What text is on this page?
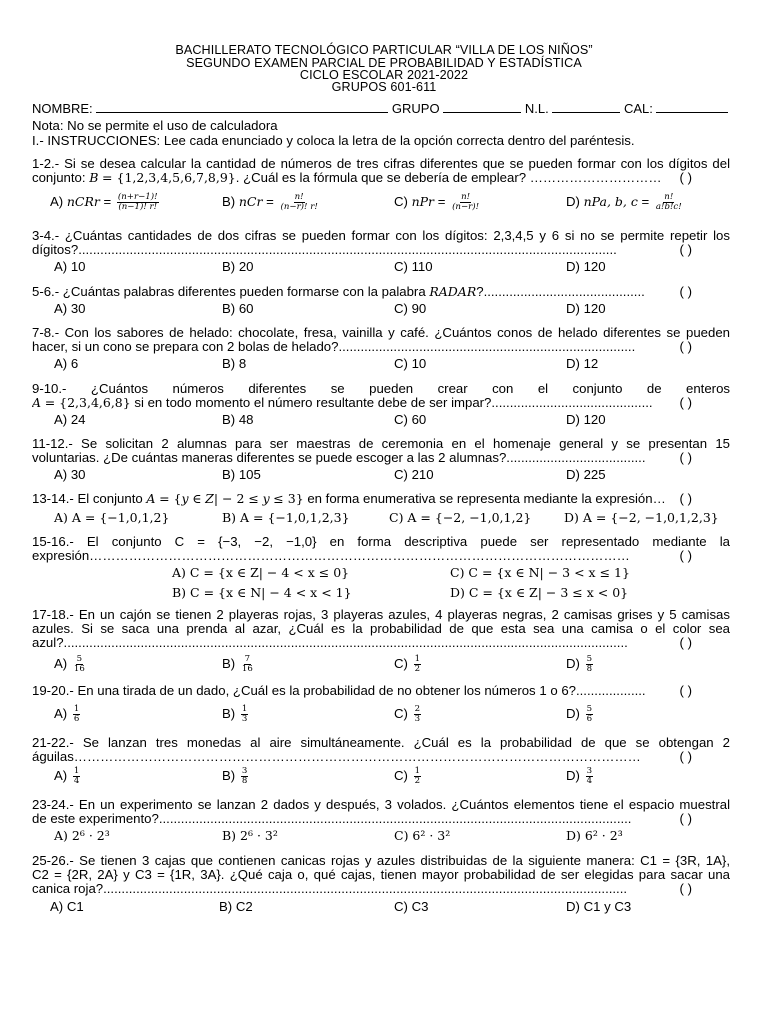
BACHILLERATO TECNOLÓGICO PARTICULAR “VILLA DE LOS NIÑOS”
SEGUNDO EXAMEN PARCIAL DE PROBABILIDAD Y ESTADÍSTICA
CICLO ESCOLAR 2021-2022
GRUPOS 601-611
NOMBRE:	GRUPO	N.L.	CAL:
Nota: No se permite el uso de calculadora
I.- INSTRUCCIONES: Lee cada enunciado y coloca la letra de la opción correcta dentro del paréntesis.
1-2.- Si se desea calcular la cantidad de números de tres cifras diferentes que se pueden formar con los dígitos del
conjunto: B = {1,2,3,4,5,6,7,8,9}. ¿Cuál es la fórmula que se debería de emplear? ………………………… ( )
A) nCRr = $\frac{(n+r-1)!}{(n-1)! r!}$	B) nCr = $\frac{n!}{(n-r)! r!}$	C) nPr = $\frac{n!}{(n-r)!}$	D) nPa, b, $c = \frac{n!}{a!b!c!}$
3-4.- ¿Cuántas cantidades de dos cifras se pueden formar con los dígitos: 2,3,4,5 y 6 si no se permite repetir los
dígitos?...................................................................................................................................................	( )
A) 10	B) 20	C) 110	D) 120
5-6.- ¿Cuántas palabras diferentes pueden formarse con la palabra RADAR?............................................	( )
A) 30	B) 60	C) 90	D) 120
7-8.- Con los sabores de helado: chocolate, fresa, vainilla y café. ¿Cuántos conos de helado diferentes se pueden
hacer, si un cono se prepara con 2 bolas de helado?.................................................................................	( )
A) 6	B) 8	C) 10	D) 12
9-10.- ¿Cuántos números diferentes se pueden crear con el conjunto de enteros
A = {2,3,4,6,8} si en todo momento el número resultante debe de ser impar?............................................ ( )
A) 24	B) 48	C) 60	D) 120
11-12.- Se solicitan 2 alumnas para ser maestras de ceremonia en el homenaje general y se presentan 15
voluntarias. ¿De cuántas maneras diferentes se puede escoger a las 2 alumnas?......................................	( )
A) 30	B) 105	C) 210	D) 225
13-14.- El conjunto A = {y ∈ Z| − 2 ≤ y ≤ 3} en forma enumerativa se representa mediante la expresión… ( )
A) A = {−1,0,1,2}	B) A = {−1,0,1,2,3}	C) A = {−2, −1,0,1,2}	D) A = {−2, −1,0,1,2,3}
15-16.- El conjunto C = {−3, −2, −1,0} en forma descriptiva puede ser representado mediante la
expresión……………………………………………………………………………………………………………	( )
A) C = {x ∈ Z| − 4 < x ≤ 0}	C) C = {x ∈ N| − 3 < x ≤ 1}
B) C = {x ∈ N| − 4 < x < 1}	D) C = {x ∈ Z| − 3 ≤ x < 0}
17-18.- En un cajón se tienen 2 playeras rojas, 3 playeras azules, 4 playeras negras, 2 camisas grises y 5 camisas
azules. Si se saca una prenda al azar, ¿Cuál es la probabilidad de que esta sea una camisa o el color sea
azul?..........................................................................................................................................................	( )
$A) \frac{5}{16}$	$B) \frac{7}{16}$	$C) \frac{1}{2}$	$D) \frac{5}{8}$
19-20.- En una tirada de un dado, ¿Cuál es la probabilidad de no obtener los números 1 o 6?...................	( )
$A) \frac{1}{6}$	$B) \frac{1}{3}$	$C) \frac{2}{3}$	$D) \frac{5}{6}$
21-22.- Se lanzan tres monedas al aire simultáneamente. ¿Cuál es la probabilidad de que se obtengan 2
águilas…………………………………………………………………………………………………………………	( )
$A) \frac{1}{4}$	$B) \frac{3}{8}$	$C) \frac{1}{2}$	$D) \frac{3}{4}$
23-24.- En un experimento se lanzan 2 dados y después, 3 volados. ¿Cuántos elementos tiene el espacio muestral
de este experimento?.................................................................................................................................	( )
A) 2⁶ · 2³	B) 2⁶ · 3²	C) 6² · 3²	D) 6² · 2³
25-26.- Se tienen 3 cajas que contienen canicas rojas y azules distribuidas de la siguiente manera: C1 = {3R, 1A},
C2 = {2R, 2A} y C3 = {1R, 3A}. ¿Qué caja o, qué cajas, tienen mayor probabilidad de ser elegidas para sacar una
canica roja?...............................................................................................................................................	( )
A) C1	B) C2	C) C3	D) C1 y C3
